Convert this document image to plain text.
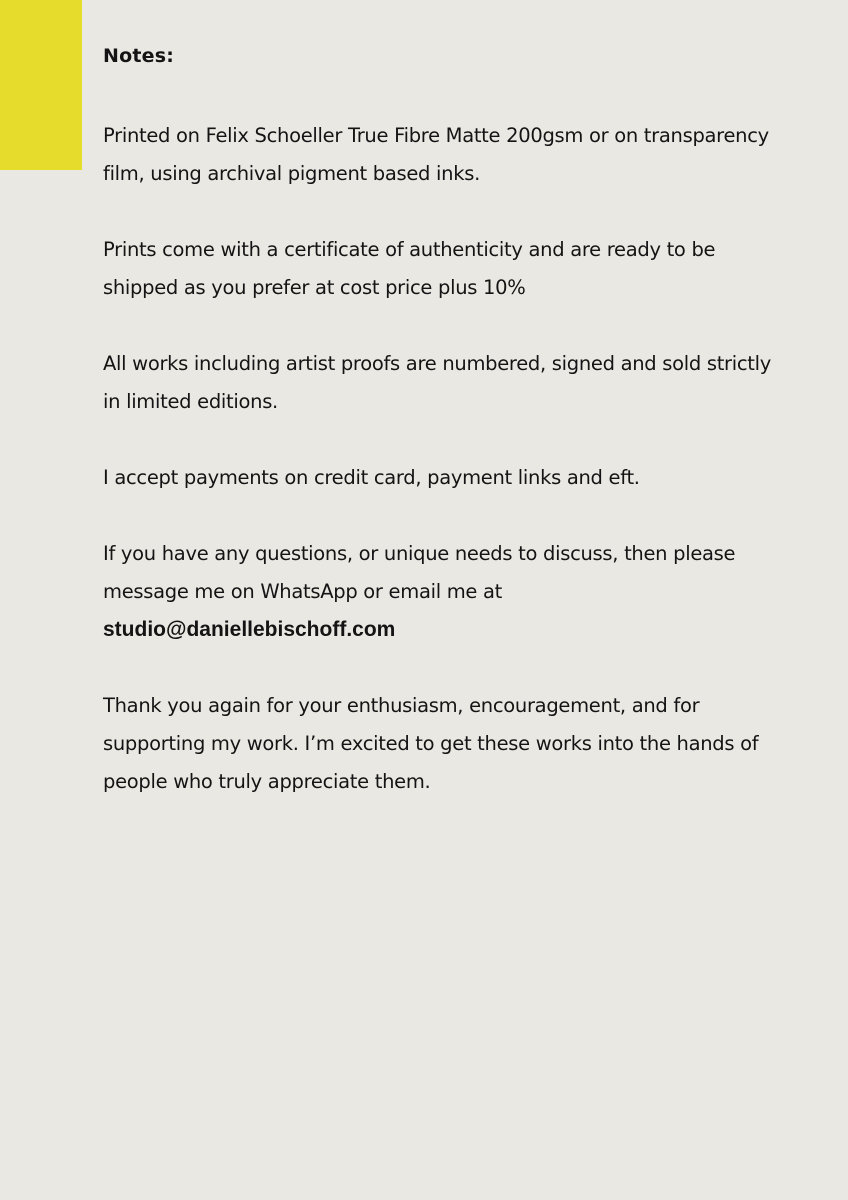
Notes:

Printed on Felix Schoeller True Fibre Matte 200gsm or on transparency film, using archival pigment based inks.

Prints come with a certificate of authenticity and are ready to be shipped as you prefer at cost price plus 10%

All works including artist proofs are numbered, signed and sold strictly in limited editions.

I accept payments on credit card, payment links and eft.

If you have any questions, or unique needs to discuss, then please message me on WhatsApp or email me at

studio@daniellebischoff.com

Thank you again for your enthusiasm, encouragement, and for supporting my work. I’m excited to get these works into the hands of people who truly appreciate them.
